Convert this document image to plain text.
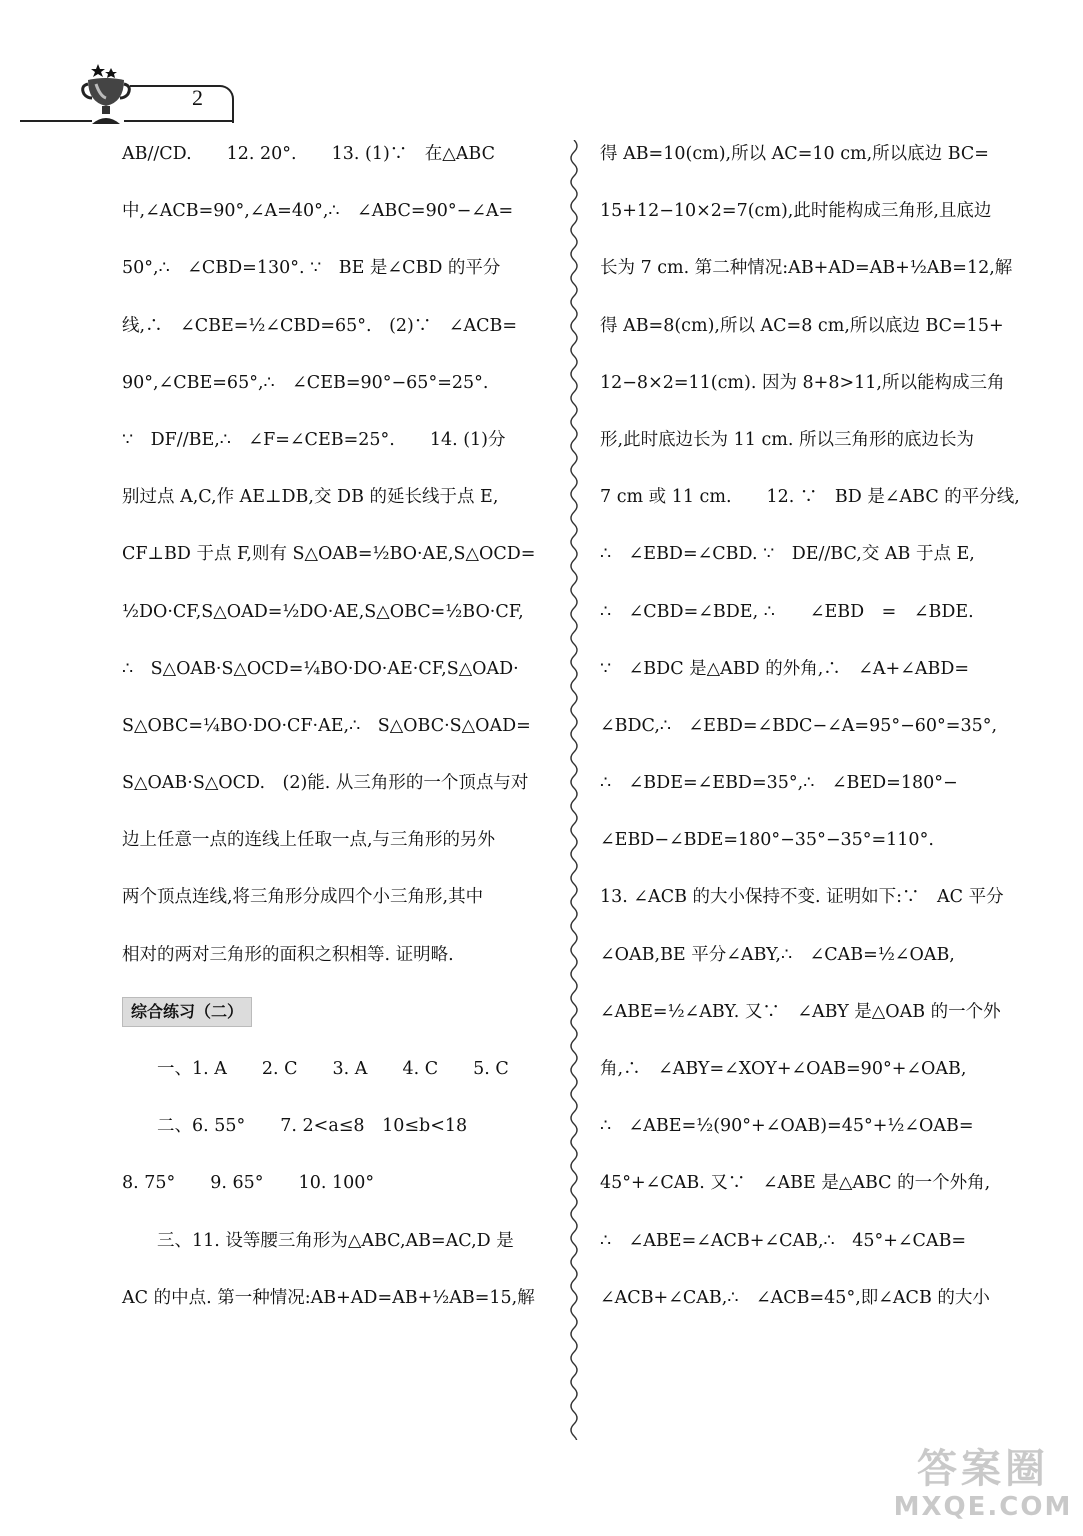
2
AB//CD.　　12. 20°.　　13. (1)∵　在△ABC
中,∠ACB=90°,∠A=40°,∴　∠ABC=90°−∠A=
50°,∴　∠CBD=130°. ∵　BE 是∠CBD 的平分
线,∴　∠CBE=½∠CBD=65°.　(2)∵　∠ACB=
90°,∠CBE=65°,∴　∠CEB=90°−65°=25°.
∵　DF//BE,∴　∠F=∠CEB=25°.　　14. (1)分
别过点 A,C,作 AE⊥DB,交 DB 的延长线于点 E,
CF⊥BD 于点 F,则有 S△OAB=½BO·AE,S△OCD=
½DO·CF,S△OAD=½DO·AE,S△OBC=½BO·CF,
∴　S△OAB·S△OCD=¼BO·DO·AE·CF,S△OAD·
S△OBC=¼BO·DO·CF·AE,∴　S△OBC·S△OAD=
S△OAB·S△OCD.　(2)能. 从三角形的一个顶点与对
边上任意一点的连线上任取一点,与三角形的另外
两个顶点连线,将三角形分成四个小三角形,其中
相对的两对三角形的面积之积相等. 证明略.
综合练习（二）
　　一、1. A　　2. C　　3. A　　4. C　　5. C
　　二、6. 55°　　7. 2<a≤8　10≤b<18
8. 75°　　9. 65°　　10. 100°
　　三、11. 设等腰三角形为△ABC,AB=AC,D 是
AC 的中点. 第一种情况:AB+AD=AB+½AB=15,解
得 AB=10(cm),所以 AC=10 cm,所以底边 BC=
15+12−10×2=7(cm),此时能构成三角形,且底边
长为 7 cm. 第二种情况:AB+AD=AB+½AB=12,解
得 AB=8(cm),所以 AC=8 cm,所以底边 BC=15+
12−8×2=11(cm). 因为 8+8>11,所以能构成三角
形,此时底边长为 11 cm. 所以三角形的底边长为
7 cm 或 11 cm.　　12. ∵　BD 是∠ABC 的平分线,
∴　∠EBD=∠CBD. ∵　DE//BC,交 AB 于点 E,
∴　∠CBD=∠BDE, ∴　　∠EBD　=　∠BDE.
∵　∠BDC 是△ABD 的外角,∴　∠A+∠ABD=
∠BDC,∴　∠EBD=∠BDC−∠A=95°−60°=35°,
∴　∠BDE=∠EBD=35°,∴　∠BED=180°−
∠EBD−∠BDE=180°−35°−35°=110°.
13. ∠ACB 的大小保持不变. 证明如下:∵　AC 平分
∠OAB,BE 平分∠ABY,∴　∠CAB=½∠OAB,
∠ABE=½∠ABY. 又∵　∠ABY 是△OAB 的一个外
角,∴　∠ABY=∠XOY+∠OAB=90°+∠OAB,
∴　∠ABE=½(90°+∠OAB)=45°+½∠OAB=
45°+∠CAB. 又∵　∠ABE 是△ABC 的一个外角,
∴　∠ABE=∠ACB+∠CAB,∴　45°+∠CAB=
∠ACB+∠CAB,∴　∠ACB=45°,即∠ACB 的大小
答案圈
MXQE.COM
